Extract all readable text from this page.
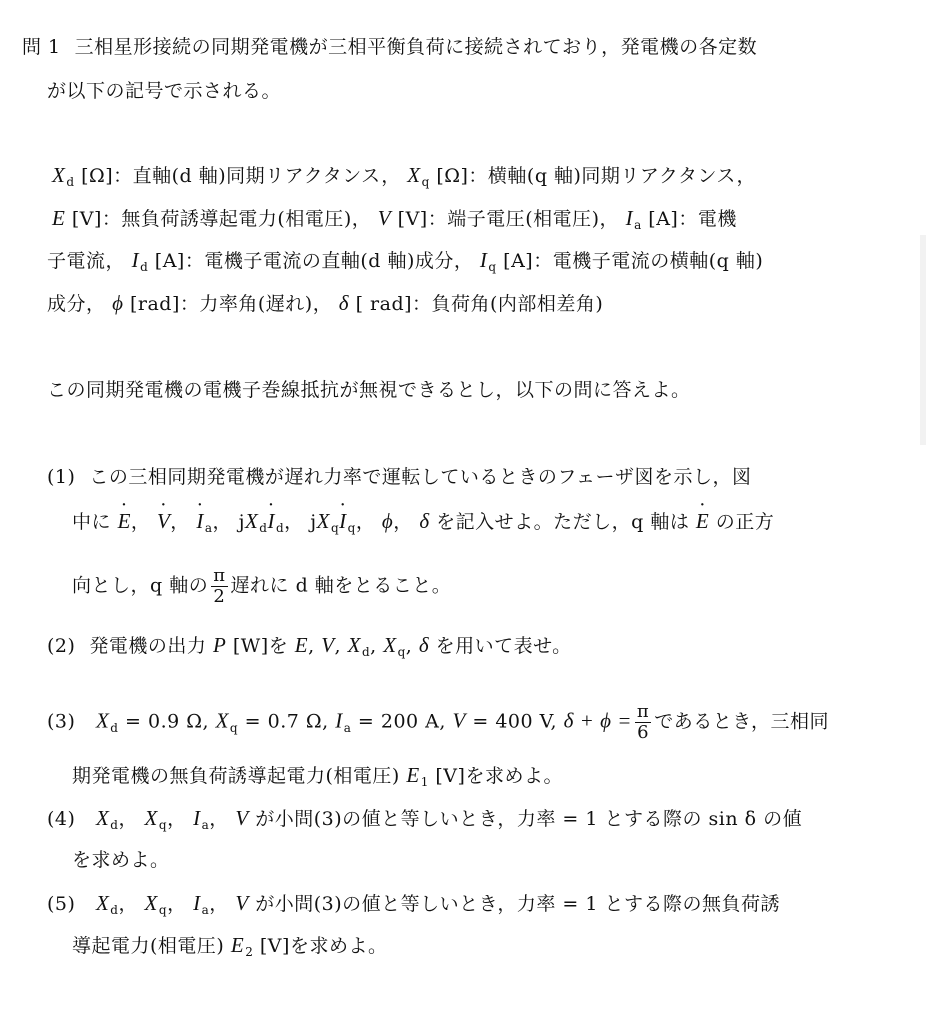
問 1 三相星形接続の同期発電機が三相平衡負荷に接続されており，発電機の各定数
が以下の記号で示される。
$X_d$ [Ω]：直軸(d 軸)同期リアクタンス， $X_q$ [Ω]：横軸(q 軸)同期リアクタンス，
E [V]：無負荷誘導起電力(相電圧)， V [V]：端子電圧(相電圧)， $I_a$ [A]：電機
子電流， $I_d$ [A]：電機子電流の直軸(d 軸)成分， $I_q$ [A]：電機子電流の横軸(q 軸)
成分， ϕ [rad]：力率角(遅れ)， δ [ rad]：負荷角(内部相差角)
この同期発電機の電機子巻線抵抗が無視できるとし，以下の問に答えよ。
(1) この三相同期発電機が遅れ力率で運転しているときのフェーザ図を示し，図
中に · E， · V， · $I_a$， $jX_d\cdot I_d$， $jX_q\cdot I_q$， ϕ， δ を記入せよ。ただし，q 軸は · E の正方
向とし，q 軸の $\frac{\pi}{2}$ 遅れに d 軸をとること。
(2) 発電機の出力 P [W]を E, V, $X_d$, $X_q$, δ を用いて表せ。
(3) $X_d = 0.9$ Ω, $X_q = 0.7$ Ω, $I_a = 200$ A, V = 400 V, $\delta + \phi = \frac{\pi}{6}$ であるとき，三相同
期発電機の無負荷誘導起電力(相電圧) $E_1$ [V]を求めよ。
(4) $X_d$， $X_q$， $I_a$， V が小問(3)の値と等しいとき，力率 = 1 とする際の sin δ の値
を求めよ。
(5) $X_d$， $X_q$， $I_a$， V が小問(3)の値と等しいとき，力率 = 1 とする際の無負荷誘
導起電力(相電圧) $E_2$ [V]を求めよ。
